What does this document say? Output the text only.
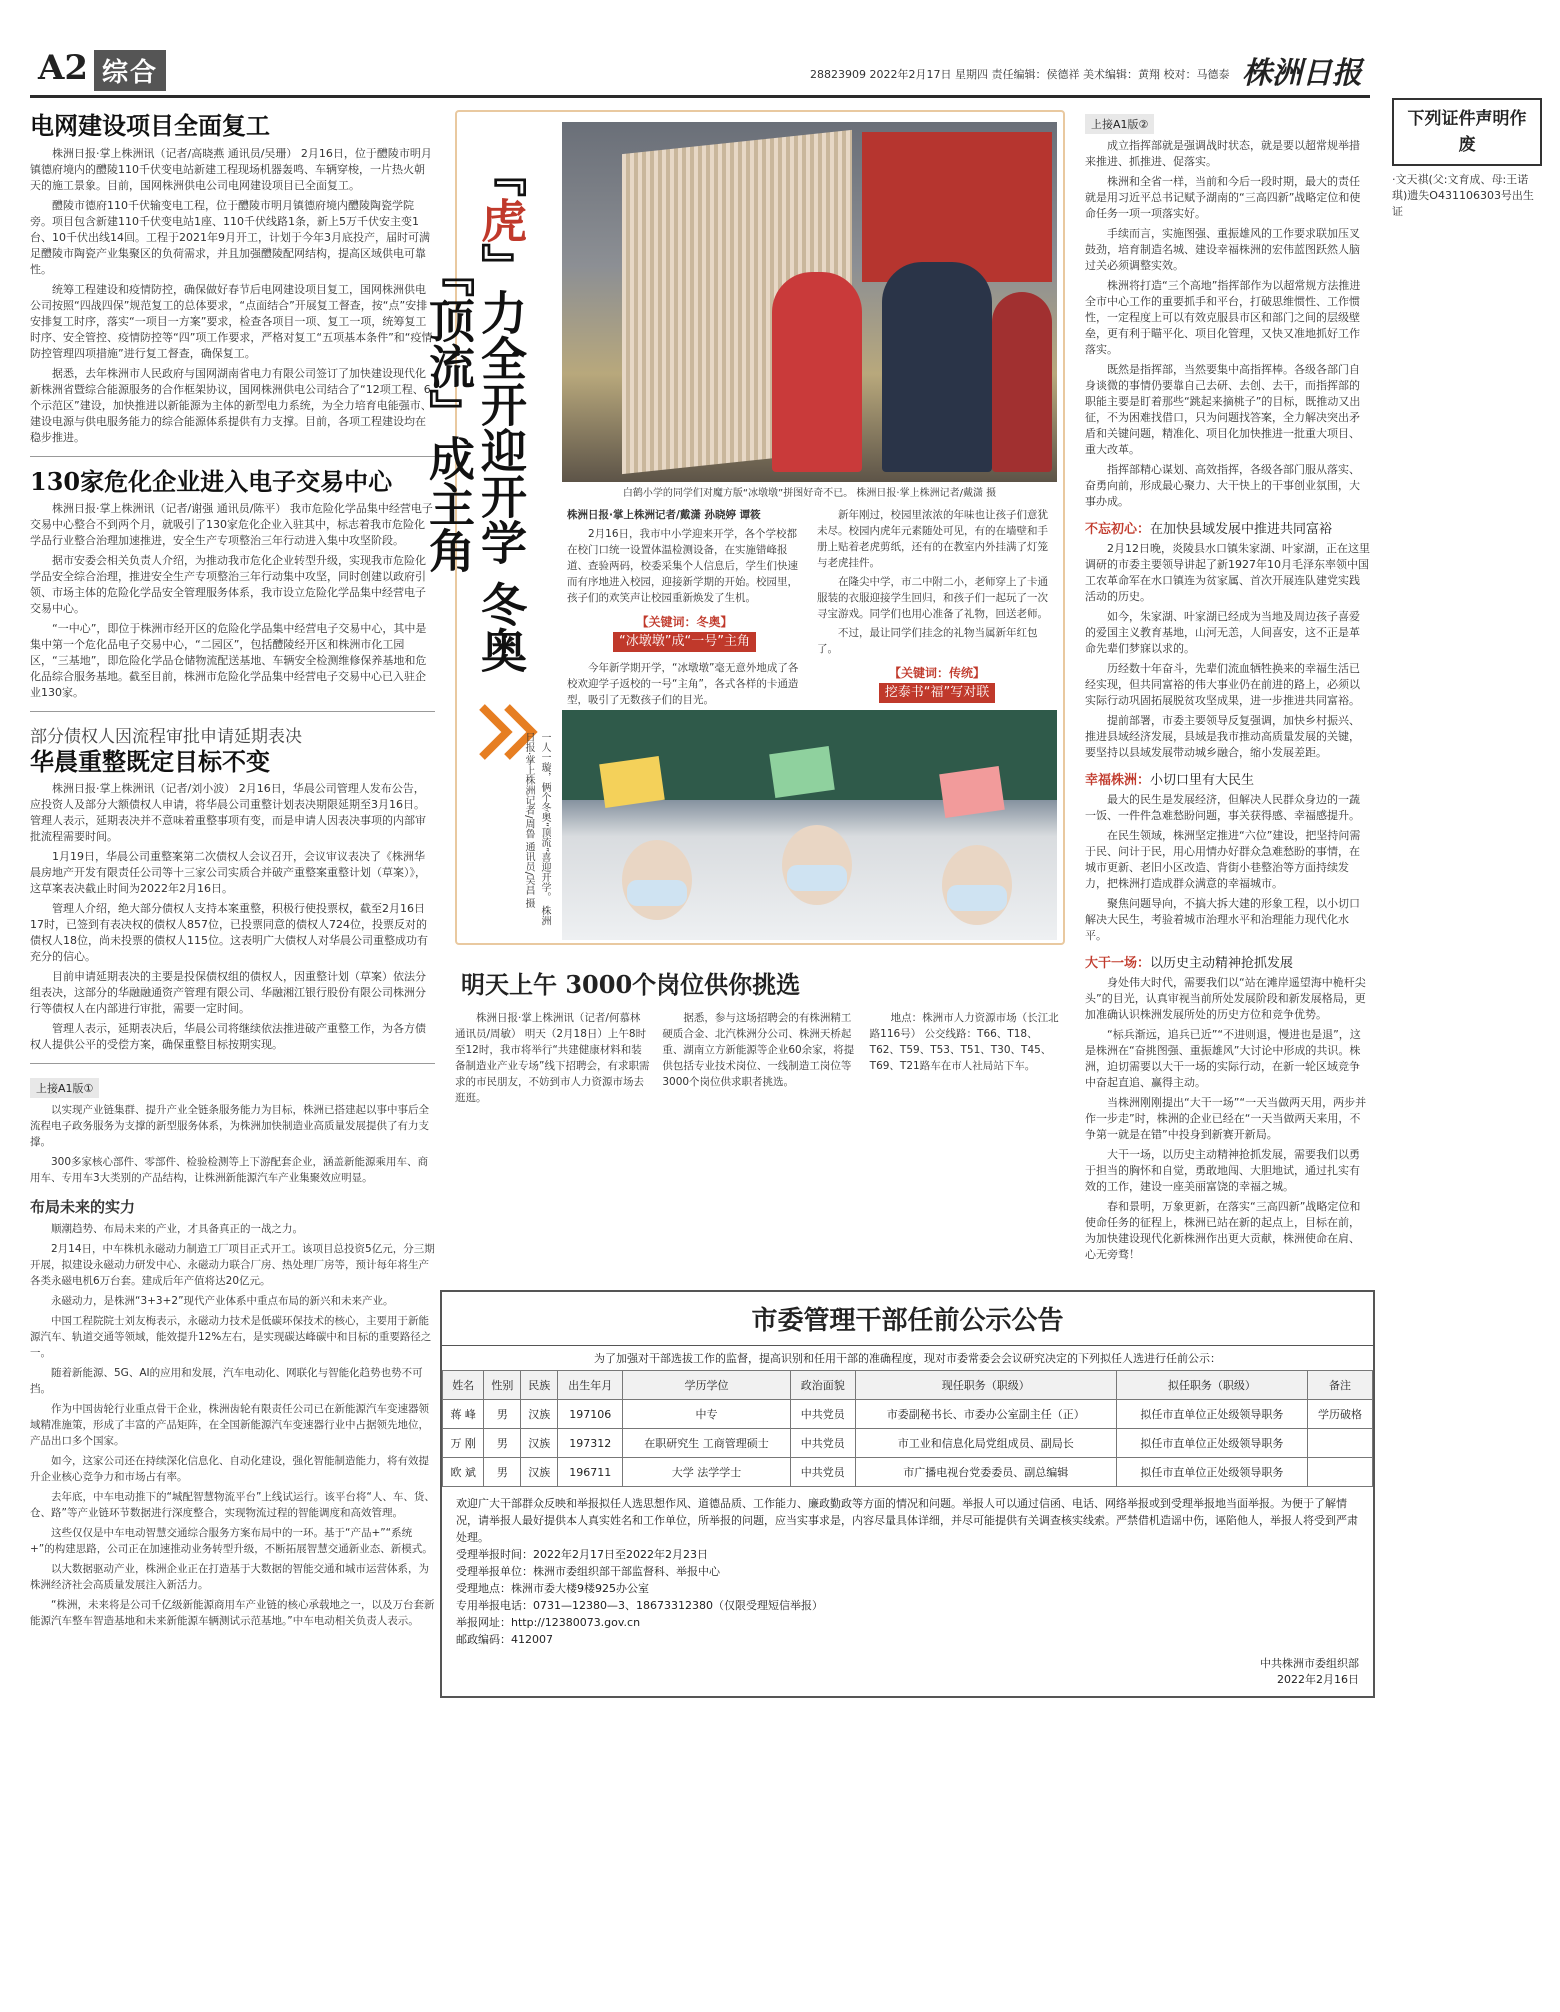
A2 综合	28823909 2022年2月17日 星期四 责任编辑：侯德祥 美术编辑：黄翔 校对：马德泰 株洲日报
下列证件声明作废
·文天祺(父:文育成、母:王诺琪)遗失O431106303号出生证
电网建设项目全面复工

株洲日报·掌上株洲讯（记者/高晓燕 通讯员/吴珊） 2月16日，位于醴陵市明月镇德府境内的醴陵110千伏变电站新建工程现场机器轰鸣、车辆穿梭，一片热火朝天的施工景象。目前，国网株洲供电公司电网建设项目已全面复工。

醴陵市德府110千伏输变电工程，位于醴陵市明月镇德府境内醴陵陶瓷学院旁。项目包含新建110千伏变电站1座、110千伏线路1条，新上5万千伏安主变1台、10千伏出线14回。工程于2021年9月开工，计划于今年3月底投产，届时可满足醴陵市陶瓷产业集聚区的负荷需求，并且加强醴陵配网结构，提高区域供电可靠性。

统筹工程建设和疫情防控，确保做好春节后电网建设项目复工，国网株洲供电公司按照“四战四保”规范复工的总体要求，“点面结合”开展复工督查，按“点”安排安排复工时序，落实“一项目一方案”要求，检查各项目一项、复工一项，统筹复工时序、安全管控、疫情防控等“四”项工作要求，严格对复工“五项基本条件”和“疫情防控管理四项措施”进行复工督查，确保复工。

据悉，去年株洲市人民政府与国网湖南省电力有限公司签订了加快建设现代化新株洲省暨综合能源服务的合作框架协议，国网株洲供电公司结合了“12项工程、6个示范区”建设，加快推进以新能源为主体的新型电力系统，为全力培育电能强市、建设电源与供电服务能力的综合能源体系提供有力支撑。目前，各项工程建设均在稳步推进。

130家危化企业进入电子交易中心

株洲日报·掌上株洲讯（记者/谢强 通讯员/陈平） 我市危险化学品集中经营电子交易中心整合不到两个月，就吸引了130家危化企业入驻其中，标志着我市危险化学品行业整合治理加速推进，安全生产专项整治三年行动进入集中攻坚阶段。

据市安委会相关负责人介绍，为推动我市危化企业转型升级，实现我市危险化学品安全综合治理，推进安全生产专项整治三年行动集中攻坚，同时创建以政府引领、市场主体的危险化学品安全管理服务体系，我市设立危险化学品集中经营电子交易中心。

“一中心”，即位于株洲市经开区的危险化学品集中经营电子交易中心，其中是集中第一个危化品电子交易中心，“二园区”，包括醴陵经开区和株洲市化工园区，“三基地”，即危险化学品仓储物流配送基地、车辆安全检测维修保养基地和危化品综合服务基地。截至目前，株洲市危险化学品集中经营电子交易中心已入驻企业130家。

部分债权人因流程审批申请延期表决
华晨重整既定目标不变

株洲日报·掌上株洲讯（记者/刘小波） 2月16日，华晨公司管理人发布公告，应投资人及部分大额债权人申请，将华晨公司重整计划表决期限延期至3月16日。管理人表示，延期表决并不意味着重整事项有变，而是申请人因表决事项的内部审批流程需要时间。

1月19日，华晨公司重整案第二次债权人会议召开，会议审议表决了《株洲华晨房地产开发有限责任公司等十三家公司实质合并破产重整案重整计划（草案）》，这草案表决截止时间为2022年2月16日。

管理人介绍，绝大部分债权人支持本案重整，积极行使投票权，截至2月16日17时，已签到有表决权的债权人857位，已投票同意的债权人724位，投票反对的债权人18位，尚未投票的债权人115位。这表明广大债权人对华晨公司重整成功有充分的信心。

目前申请延期表决的主要是投保债权组的债权人，因重整计划（草案）依法分组表决，这部分的华融融通资产管理有限公司、华融湘江银行股份有限公司株洲分行等债权人在内部进行审批，需要一定时间。

管理人表示，延期表决后，华晨公司将继续依法推进破产重整工作，为各方债权人提供公平的受偿方案，确保重整目标按期实现。

上接A1版①

以实现产业链集群、提升产业全链条服务能力为目标，株洲已搭建起以事中事后全流程电子政务服务为支撑的新型服务体系，为株洲加快制造业高质量发展提供了有力支撑。

300多家核心部件、零部件、检验检测等上下游配套企业，涵盖新能源乘用车、商用车、专用车3大类别的产品结构，让株洲新能源汽车产业集聚效应明显。

布局未来的实力

顺潮趋势、布局未来的产业，才具备真正的一战之力。

2月14日，中车株机永磁动力制造工厂项目正式开工。该项目总投资5亿元，分三期开展，拟建设永磁动力研发中心、永磁动力联合厂房、热处理厂房等，预计每年将生产各类永磁电机6万台套。建成后年产值将达20亿元。

永磁动力，是株洲“3+3+2”现代产业体系中重点布局的新兴和未来产业。

中国工程院院士刘友梅表示，永磁动力技术是低碳环保技术的核心，主要用于新能源汽车、轨道交通等领域，能效提升12%左右，是实现碳达峰碳中和目标的重要路径之一。

随着新能源、5G、AI的应用和发展，汽车电动化、网联化与智能化趋势也势不可挡。

作为中国齿轮行业重点骨干企业，株洲齿轮有限责任公司已在新能源汽车变速器领域精准施策，形成了丰富的产品矩阵，在全国新能源汽车变速器行业中占据领先地位，产品出口多个国家。

如今，这家公司还在持续深化信息化、自动化建设，强化智能制造能力，将有效提升企业核心竞争力和市场占有率。

去年底，中车电动推下的“城配智慧物流平台”上线试运行。该平台将“人、车、货、仓、路”等产业链环节数据进行深度整合，实现物流过程的智能调度和高效管理。

这些仅仅是中车电动智慧交通综合服务方案布局中的一环。基于“产品+”“系统+”的构建思路，公司正在加速推动业务转型升级，不断拓展智慧交通新业态、新模式。

以大数据驱动产业，株洲企业正在打造基于大数据的智能交通和城市运营体系，为株洲经济社会高质量发展注入新活力。

“株洲，未来将是公司千亿级新能源商用车产业链的核心承载地之一，以及万台套新能源汽车整车智造基地和未来新能源车辆测试示范基地。”中车电动相关负责人表示。

『虎』力全开迎开学 冬奥『顶流』成主角	白鹤小学的同学们对魔方版“冰墩墩”拼图好奇不已。 株洲日报·掌上株洲记者/戴潇 摄

株洲日报·掌上株洲记者/戴潇 孙晓婷 谭筱

2月16日，我市中小学迎来开学，各个学校都在校门口统一设置体温检测设备，在实施错峰报道、查验两码，校委采集个人信息后，学生们快速而有序地进入校园，迎接新学期的开始。校园里，孩子们的欢笑声让校园重新焕发了生机。

【关键词：冬奥】
“冰墩墩”成“一号”主角

今年新学期开学，“冰墩墩”毫无意外地成了各校欢迎学子返校的一号“主角”，各式各样的卡通造型，吸引了无数孩子们的目光。

新年刚过，校园里浓浓的年味也让孩子们意犹未尽。校园内虎年元素随处可见，有的在墙壁和手册上贴着老虎剪纸，还有的在教室内外挂满了灯笼与老虎挂件。

在隆尖中学，市二中附二小，老师穿上了卡通服装的衣服迎接学生回归，和孩子们一起玩了一次寻宝游戏。同学们也用心准备了礼物，回送老师。

不过，最让同学们挂念的礼物当属新年红包了。

【关键词：传统】
挖泰书“福”写对联

一人一璇，俩个冬奥“顶流”喜迎开学。 株洲日报·掌上株洲记者/周鲁 通讯员/吴昌 摄
明天上午 3000个岗位供你挑选
株洲日报·掌上株洲讯（记者/何慕林 通讯员/周敏） 明天（2月18日）上午8时至12时，我市将举行“共建健康材料和装备制造业产业专场”线下招聘会，有求职需求的市民朋友，不妨到市人力资源市场去逛逛。
据悉，参与这场招聘会的有株洲精工硬质合金、北汽株洲分公司、株洲天桥起重、湖南立方新能源等企业60余家，将提供包括专业技术岗位、一线制造工岗位等3000个岗位供求职者挑选。
地点：株洲市人力资源市场（长江北路116号） 公交线路：T66、T18、T62、T59、T53、T51、T30、T45、T69、T21路车在市人社局站下车。
上接A1版②

成立指挥部就是强调战时状态，就是要以超常规举措来推进、抓推进、促落实。

株洲和全省一样，当前和今后一段时期，最大的责任就是用习近平总书记赋予湖南的“三高四新”战略定位和使命任务一项一项落实好。

手续而言，实施图强、重振雄风的工作要求联加压叉鼓劲，培育制造名城、建设幸福株洲的宏伟蓝图跃然人脑过关必须调整实效。

株洲将打造“三个高地”指挥部作为以超常规方法推进全市中心工作的重要抓手和平台，打破思维惯性、工作惯性，一定程度上可以有效克服县市区和部门之间的层级壁垒，更有利于瞄平化、项目化管理，又快又准地抓好工作落实。

既然是指挥部，当然要集中高指挥棒。各级各部门自身谈微的事情仍要靠自己去研、去创、去干，而指挥部的职能主要是盯着那些“跳起来摘桃子”的目标，既推动又出征，不为困难找借口，只为问题找答案，全力解决突出矛盾和关键问题，精准化、项目化加快推进一批重大项目、重大改革。

指挥部精心谋划、高效指挥，各级各部门服从落实、奋勇向前，形成最心聚力、大干快上的干事创业氛围，大事办成。

不忘初心：在加快县域发展中推进共同富裕

2月12日晚，炎陵县水口镇朱家湖、叶家湖，正在这里调研的市委主要领导讲起了新1927年10月毛泽东率领中国工农革命军在水口镇连为贫家属、首次开展连队建党实践活动的历史。

如今，朱家湖、叶家湖已经成为当地及周边孩子喜爱的爱国主义教育基地，山河无恙，人间喜安，这不正是革命先辈们梦寐以求的。

历经数十年奋斗，先辈们流血牺牲换来的幸福生活已经实现，但共同富裕的伟大事业仍在前进的路上，必须以实际行动巩固拓展脱贫攻坚成果，进一步推进共同富裕。

提前部署，市委主要领导反复强调，加快乡村振兴、推进县域经济发展，县域是我市推动高质量发展的关键，要坚持以县域发展带动城乡融合，缩小发展差距。

幸福株洲：小切口里有大民生

最大的民生是发展经济，但解决人民群众身边的一蔬一饭、一件件急难愁盼问题，事关获得感、幸福感提升。

在民生领域，株洲坚定推进“六位”建设，把坚持问需于民、问计于民，用心用情办好群众急难愁盼的事情，在城市更新、老旧小区改造、背街小巷整治等方面持续发力，把株洲打造成群众满意的幸福城市。

聚焦问题导向，不搞大拆大建的形象工程，以小切口解决大民生，考验着城市治理水平和治理能力现代化水平。

大干一场：以历史主动精神抢抓发展

身处伟大时代，需要我们以“站在滩岸遥望海中桅杆尖头”的目光，认真审视当前所处发展阶段和新发展格局，更加准确认识株洲发展所处的历史方位和竞争优势。

“标兵渐远，追兵已近”“不进则退，慢进也是退”，这是株洲在“奋挑图强、重振雄风”大讨论中形成的共识。株洲，迫切需要以大干一场的实际行动，在新一轮区域竞争中奋起直追、赢得主动。

当株洲刚刚提出“大干一场”“一天当做两天用，两步并作一步走”时，株洲的企业已经在“一天当做两天来用，不争第一就是在错”中投身到新赛开新局。

大干一场，以历史主动精神抢抓发展，需要我们以勇于担当的胸怀和自觉，勇敢地闯、大胆地试，通过扎实有效的工作，建设一座美丽富饶的幸福之城。

春和景明，万象更新，在落实“三高四新”战略定位和使命任务的征程上，株洲已站在新的起点上，目标在前，为加快建设现代化新株洲作出更大贡献，株洲使命在肩、心无旁骛！

市委管理干部任前公示公告
为了加强对干部选拔工作的监督，提高识别和任用干部的准确程度，现对市委常委会会议研究决定的下列拟任人选进行任前公示：
姓名	性别	民族	出生年月	学历学位	政治面貌	现任职务（职级）	拟任职务（职级）	备注
蒋 峰	男	汉族	197106	中专	中共党员	市委副秘书长、市委办公室副主任（正）	拟任市直单位正处级领导职务	学历破格
万 刚	男	汉族	197312	在职研究生 工商管理硕士	中共党员	市工业和信息化局党组成员、副局长	拟任市直单位正处级领导职务	
欧 斌	男	汉族	196711	大学 法学学士	中共党员	市广播电视台党委委员、副总编辑	拟任市直单位正处级领导职务	

欢迎广大干部群众反映和举报拟任人选思想作风、道德品质、工作能力、廉政勤政等方面的情况和问题。举报人可以通过信函、电话、网络举报或到受理举报地当面举报。为便于了解情况，请举报人最好提供本人真实姓名和工作单位，所举报的问题，应当实事求是，内容尽量具体详细，并尽可能提供有关调查核实线索。严禁借机造谣中伤，诬陷他人，举报人将受到严肃处理。

受理举报时间：2022年2月17日至2022年2月23日

受理举报单位：株洲市委组织部干部监督科、举报中心

受理地点：株洲市委大楼9楼925办公室

专用举报电话：0731—12380—3、18673312380（仅限受理短信举报）

举报网址：http://12380073.gov.cn

邮政编码：412007

中共株洲市委组织部
2022年2月16日
